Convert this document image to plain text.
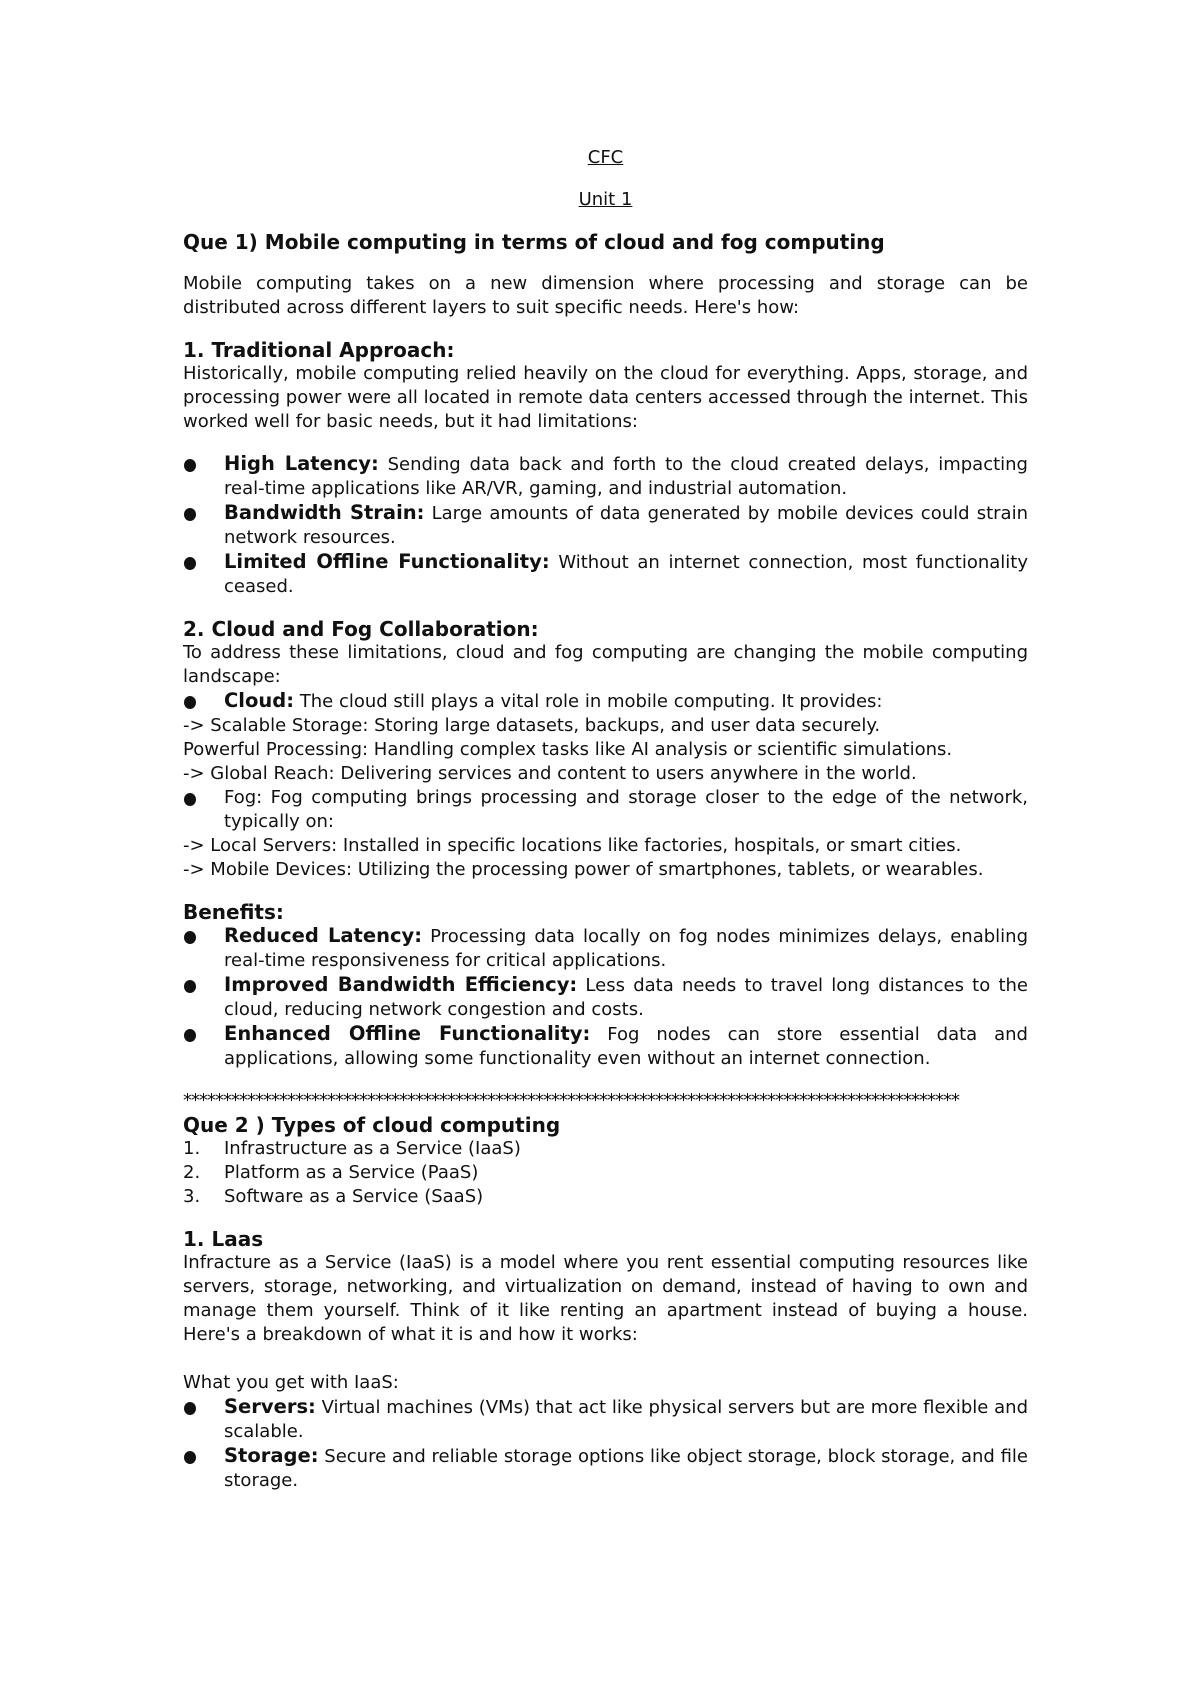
CFC

Unit 1

Que 1) Mobile computing in terms of cloud and fog computing

Mobile computing takes on a new dimension where processing and storage can be distributed across different layers to suit specific needs. Here's how:

1. Traditional Approach:

Historically, mobile computing relied heavily on the cloud for everything. Apps, storage, and processing power were all located in remote data centers accessed through the internet. This worked well for basic needs, but it had limitations:

High Latency: Sending data back and forth to the cloud created delays, impacting real-time applications like AR/VR, gaming, and industrial automation.
Bandwidth Strain: Large amounts of data generated by mobile devices could strain network resources.
Limited Offline Functionality: Without an internet connection, most functionality ceased.

2. Cloud and Fog Collaboration:

To address these limitations, cloud and fog computing are changing the mobile computing landscape:

Cloud: The cloud still plays a vital role in mobile computing. It provides:

-> Scalable Storage: Storing large datasets, backups, and user data securely.

Powerful Processing: Handling complex tasks like AI analysis or scientific simulations.

-> Global Reach: Delivering services and content to users anywhere in the world.

Fog: Fog computing brings processing and storage closer to the edge of the network, typically on:

-> Local Servers: Installed in specific locations like factories, hospitals, or smart cities.

-> Mobile Devices: Utilizing the processing power of smartphones, tablets, or wearables.

Benefits:

Reduced Latency: Processing data locally on fog nodes minimizes delays, enabling real-time responsiveness for critical applications.
Improved Bandwidth Efficiency: Less data needs to travel long distances to the cloud, reducing network congestion and costs.
Enhanced Offline Functionality: Fog nodes can store essential data and applications, allowing some functionality even without an internet connection.

*************************************************************************************************

Que 2 ) Types of cloud computing

1. Infrastructure as a Service (IaaS)
2. Platform as a Service (PaaS)
3. Software as a Service (SaaS)

1. Laas

Infracture as a Service (IaaS) is a model where you rent essential computing resources like servers, storage, networking, and virtualization on demand, instead of having to own and manage them yourself. Think of it like renting an apartment instead of buying a house. Here's a breakdown of what it is and how it works:

What you get with IaaS:

Servers: Virtual machines (VMs) that act like physical servers but are more flexible and scalable.
Storage: Secure and reliable storage options like object storage, block storage, and file storage.
